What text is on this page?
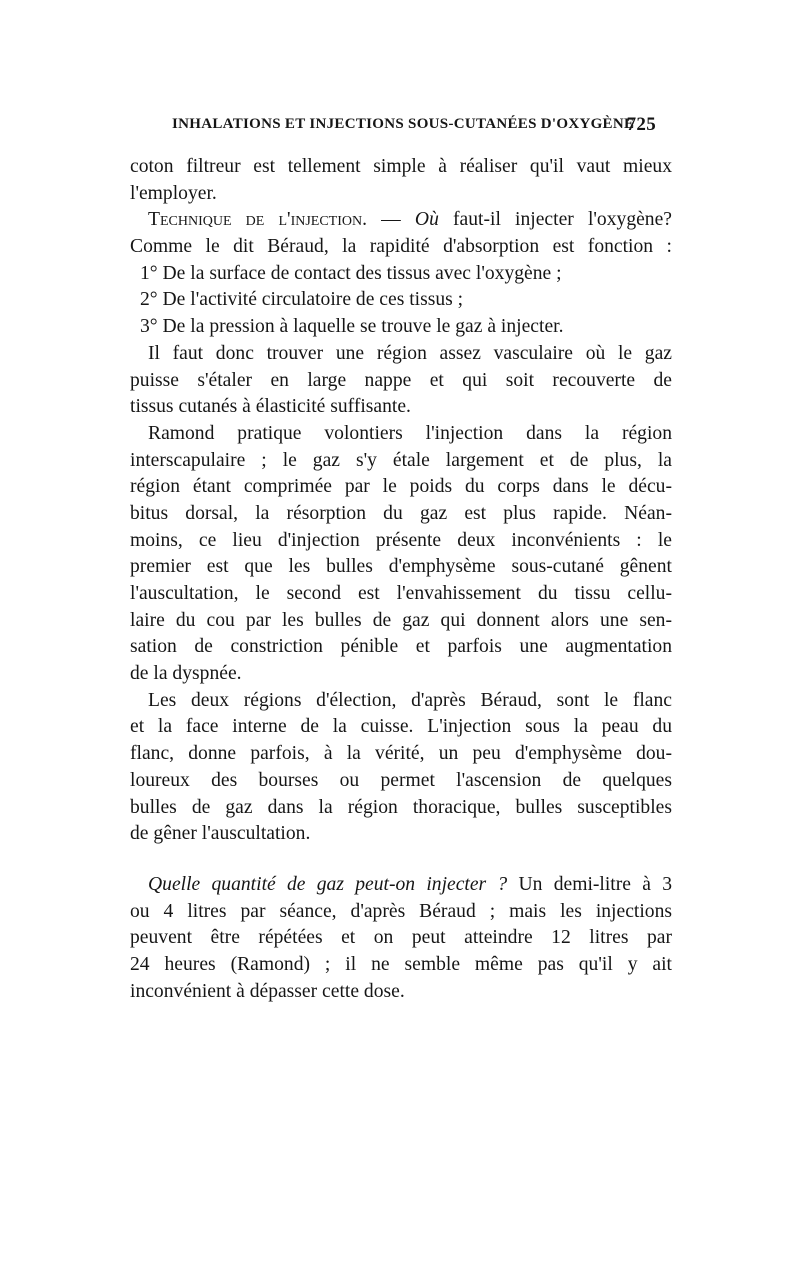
INHALATIONS ET INJECTIONS SOUS-CUTANÉES D'OXYGÈNE
725
coton filtreur est tellement simple à réaliser qu'il vaut mieux
l'employer.
Technique de l'injection. — Où faut-il injecter l'oxygène?
Comme le dit Béraud, la rapidité d'absorption est fonction :
1° De la surface de contact des tissus avec l'oxygène ;
2° De l'activité circulatoire de ces tissus ;
3° De la pression à laquelle se trouve le gaz à injecter.
Il faut donc trouver une région assez vasculaire où le gaz
puisse s'étaler en large nappe et qui soit recouverte de
tissus cutanés à élasticité suffisante.
Ramond pratique volontiers l'injection dans la région
interscapulaire ; le gaz s'y étale largement et de plus, la
région étant comprimée par le poids du corps dans le décu-
bitus dorsal, la résorption du gaz est plus rapide. Néan-
moins, ce lieu d'injection présente deux inconvénients : le
premier est que les bulles d'emphysème sous-cutané gênent
l'auscultation, le second est l'envahissement du tissu cellu-
laire du cou par les bulles de gaz qui donnent alors une sen-
sation de constriction pénible et parfois une augmentation
de la dyspnée.
Les deux régions d'élection, d'après Béraud, sont le flanc
et la face interne de la cuisse. L'injection sous la peau du
flanc, donne parfois, à la vérité, un peu d'emphysème dou-
loureux des bourses ou permet l'ascension de quelques
bulles de gaz dans la région thoracique, bulles susceptibles
de gêner l'auscultation.
Quelle quantité de gaz peut-on injecter ? Un demi-litre à 3
ou 4 litres par séance, d'après Béraud ; mais les injections
peuvent être répétées et on peut atteindre 12 litres par
24 heures (Ramond) ; il ne semble même pas qu'il y ait
inconvénient à dépasser cette dose.
